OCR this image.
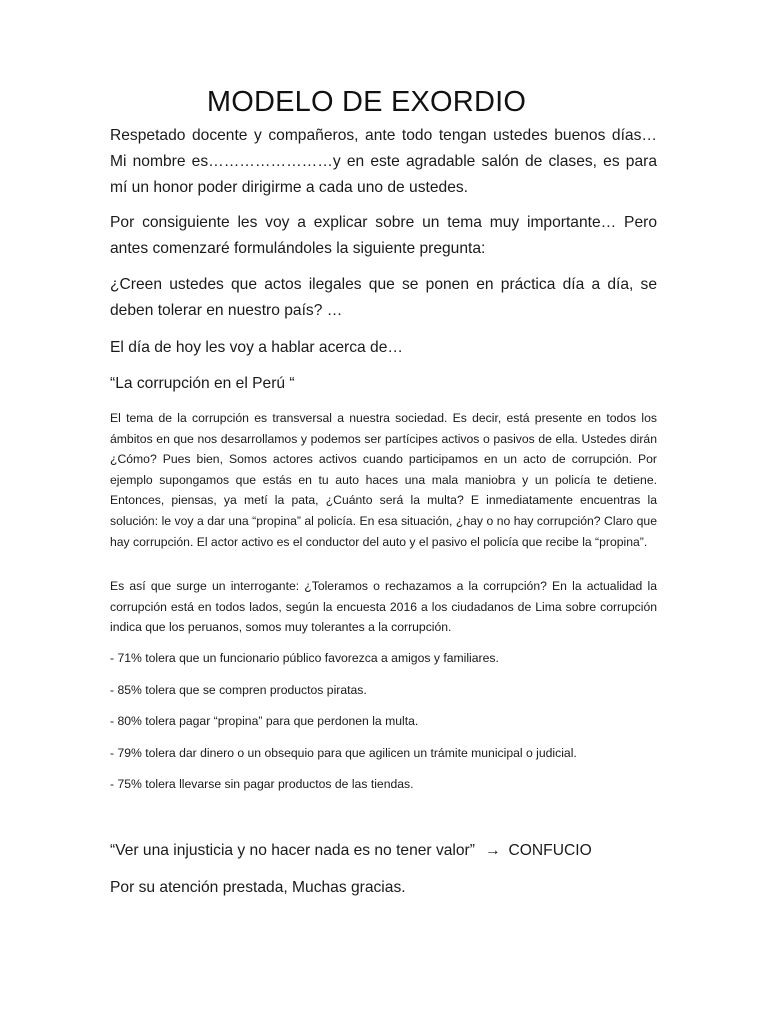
MODELO DE EXORDIO

Respetado docente y compañeros, ante todo tengan ustedes buenos días… Mi nombre es……………………y en este agradable salón de clases, es para mí un honor poder dirigirme a cada uno de ustedes.

Por consiguiente les voy a explicar sobre un tema muy importante… Pero antes comenzaré formulándoles la siguiente pregunta:

¿Creen ustedes que actos ilegales que se ponen en práctica día a día, se deben tolerar en nuestro país? …

El día de hoy les voy a hablar acerca de…

“La corrupción en el Perú “

El tema de la corrupción es transversal a nuestra sociedad. Es decir, está presente en todos los ámbitos en que nos desarrollamos y podemos ser partícipes activos o pasivos de ella. Ustedes dirán ¿Cómo? Pues bien, Somos actores activos cuando participamos en un acto de corrupción. Por ejemplo supongamos que estás en tu auto haces una mala maniobra y un policía te detiene. Entonces, piensas, ya metí la pata, ¿Cuánto será la multa? E inmediatamente encuentras la solución: le voy a dar una “propina” al policía. En esa situación, ¿hay o no hay corrupción? Claro que hay corrupción. El actor activo es el conductor del auto y el pasivo el policía que recibe la “propina”.

Es así que surge un interrogante: ¿Toleramos o rechazamos a la corrupción? En la actualidad la corrupción está en todos lados, según la encuesta 2016 a los ciudadanos de Lima sobre corrupción indica que los peruanos, somos muy tolerantes a la corrupción.

- 71% tolera que un funcionario público favorezca a amigos y familiares.

- 85% tolera que se compren productos piratas.

- 80% tolera pagar “propina” para que perdonen la multa.

- 79% tolera dar dinero o un obsequio para que agilicen un trámite municipal o judicial.

- 75% tolera llevarse sin pagar productos de las tiendas.

“Ver una injusticia y no hacer nada es no tener valor” → CONFUCIO

Por su atención prestada, Muchas gracias.
